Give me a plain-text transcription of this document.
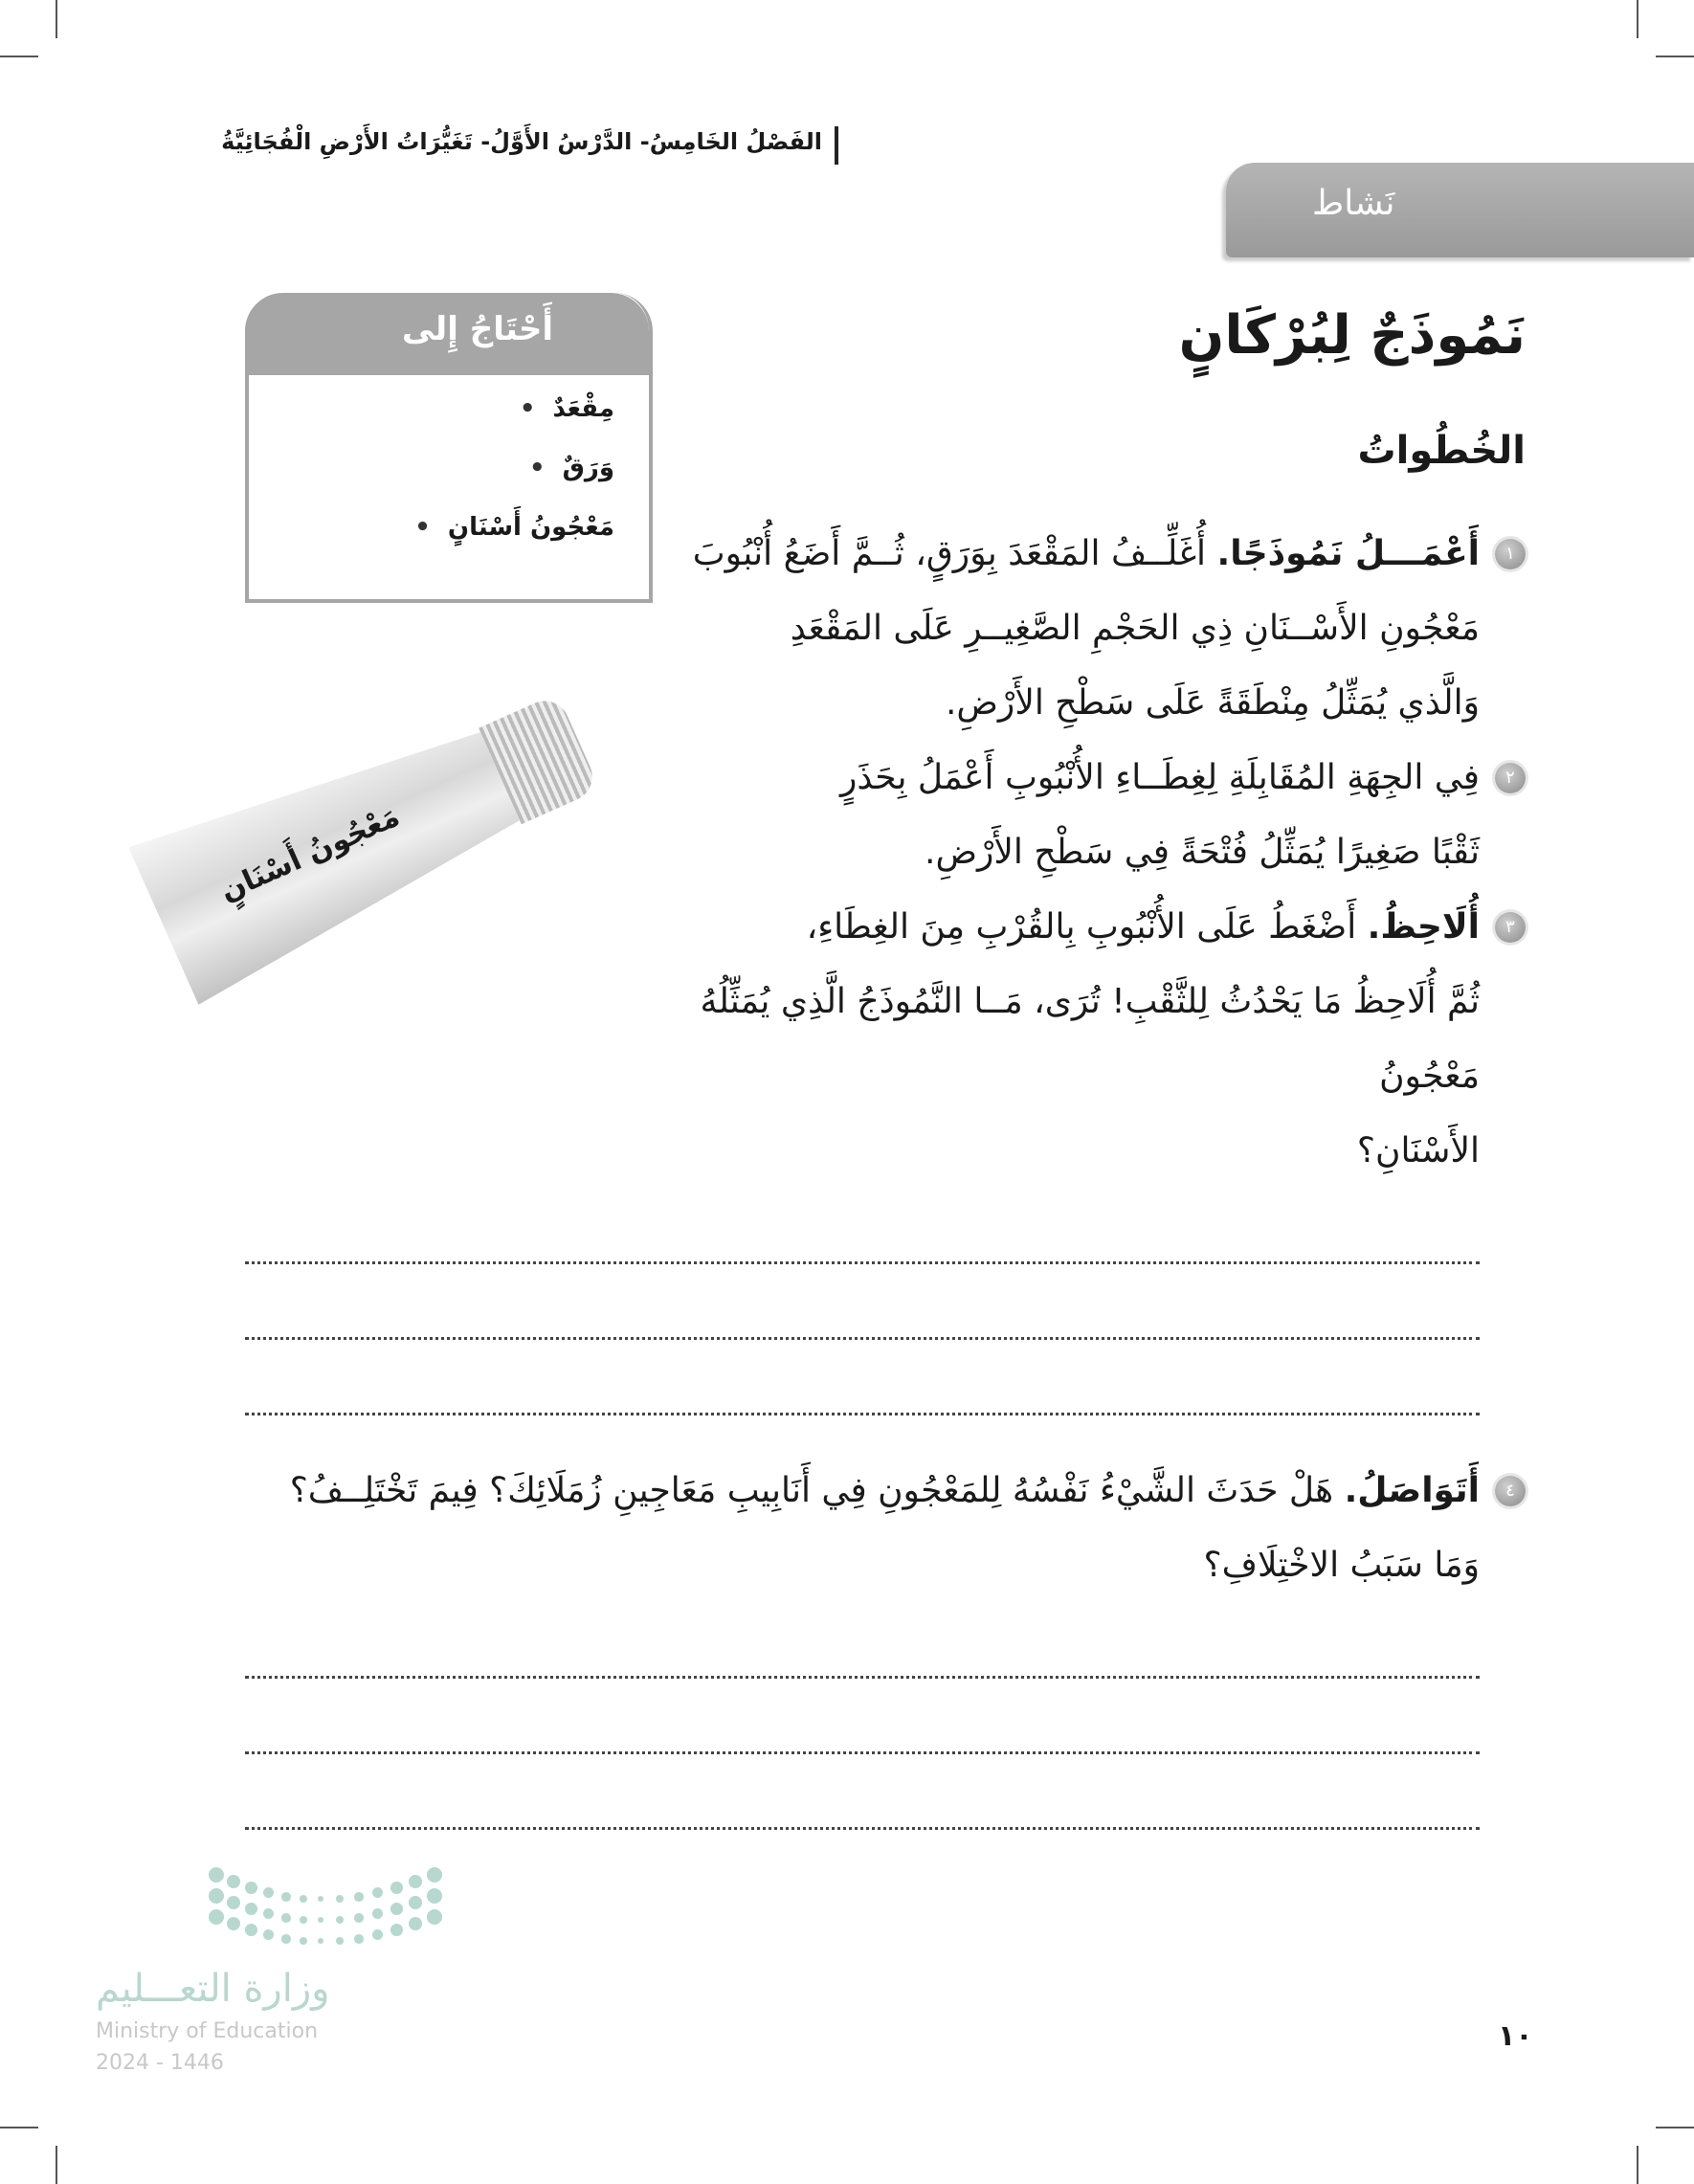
الفَصْلُ الخَامِسُ- الدَّرْسُ الأَوَّلُ- تَغَيُّرَاتُ الأَرْضِ الْفُجَائِيَّةُ
نَشاط
أَحْتَاجُ إِلى
مِقْعَدٌ •
وَرَقٌ •
مَعْجُونُ أَسْنَانٍ •
نَمُوذَجٌ لِبُرْكَانٍ
الخُطُواتُ
مَعْجُونُ أَسْنَانٍ
١
أَعْمَـــلُ نَمُوذَجًا. أُغَلِّــفُ المَقْعَدَ بِوَرَقٍ، ثُــمَّ أَضَعُ أُنْبُوبَ
مَعْجُونِ الأَسْــنَانِ ذِي الحَجْمِ الصَّغِيــرِ عَلَى المَقْعَدِ
وَالَّذي يُمَثِّلُ مِنْطَقَةً عَلَى سَطْحِ الأَرْضِ.
٢
فِي الجِهَةِ المُقَابِلَةِ لِغِطَــاءِ الأُنْبُوبِ أَعْمَلُ بِحَذَرٍ
ثَقْبًا صَغِيرًا يُمَثِّلُ فُتْحَةً فِي سَطْحِ الأَرْضِ.
٣
أُلَاحِظُ. أَضْغَطُ عَلَى الأُنْبُوبِ بِالقُرْبِ مِنَ الغِطَاءِ،
ثُمَّ أُلَاحِظُ مَا يَحْدُثُ لِلثَّقْبِ! تُرَى، مَــا النَّمُوذَجُ الَّذِي يُمَثِّلُهُ مَعْجُونُ
الأَسْنَانِ؟
٤
أَتَوَاصَلُ. هَلْ حَدَثَ الشَّيْءُ نَفْسُهُ لِلمَعْجُونِ فِي أَنَابِيبِ مَعَاجِينِ زُمَلَائِكَ؟ فِيمَ تَخْتَلِــفُ؟
وَمَا سَبَبُ الاخْتِلَافِ؟
١٠
وزارة التعـــليم
Ministry of Education
2024 - 1446
